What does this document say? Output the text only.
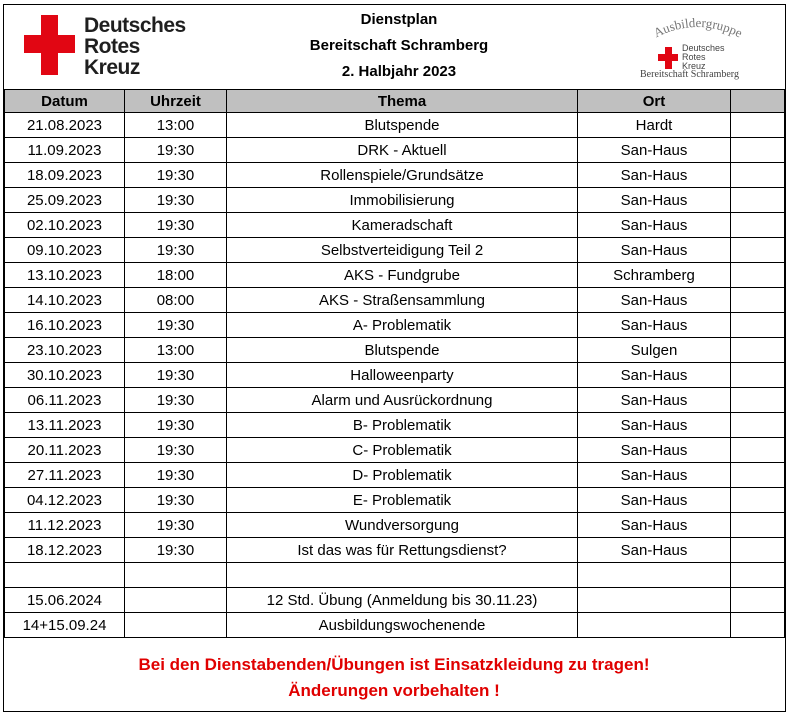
Deutsches
Rotes
Kreuz
Dienstplan
Bereitschaft Schramberg
2. Halbjahr 2023
Ausbildergruppe
Deutsches
Rotes
Kreuz
Bereitschaft Schramberg
Datum	Uhrzeit	Thema	Ort	
21.08.2023	13:00	Blutspende	Hardt	
11.09.2023	19:30	DRK - Aktuell	San-Haus	
18.09.2023	19:30	Rollenspiele/Grundsätze	San-Haus	
25.09.2023	19:30	Immobilisierung	San-Haus	
02.10.2023	19:30	Kameradschaft	San-Haus	
09.10.2023	19:30	Selbstverteidigung Teil 2	San-Haus	
13.10.2023	18:00	AKS - Fundgrube	Schramberg	
14.10.2023	08:00	AKS - Straßensammlung	San-Haus	
16.10.2023	19:30	A- Problematik	San-Haus	
23.10.2023	13:00	Blutspende	Sulgen	
30.10.2023	19:30	Halloweenparty	San-Haus	
06.11.2023	19:30	Alarm und Ausrückordnung	San-Haus	
13.11.2023	19:30	B- Problematik	San-Haus	
20.11.2023	19:30	C- Problematik	San-Haus	
27.11.2023	19:30	D- Problematik	San-Haus	
04.12.2023	19:30	E- Problematik	San-Haus	
11.12.2023	19:30	Wundversorgung	San-Haus	
18.12.2023	19:30	Ist das was für Rettungsdienst?	San-Haus	

15.06.2024		12 Std. Übung (Anmeldung bis 30.11.23)		
14+15.09.24		Ausbildungswochenende		
Bei den Dienstabenden/Übungen ist Einsatzkleidung zu tragen!
Änderungen vorbehalten !
